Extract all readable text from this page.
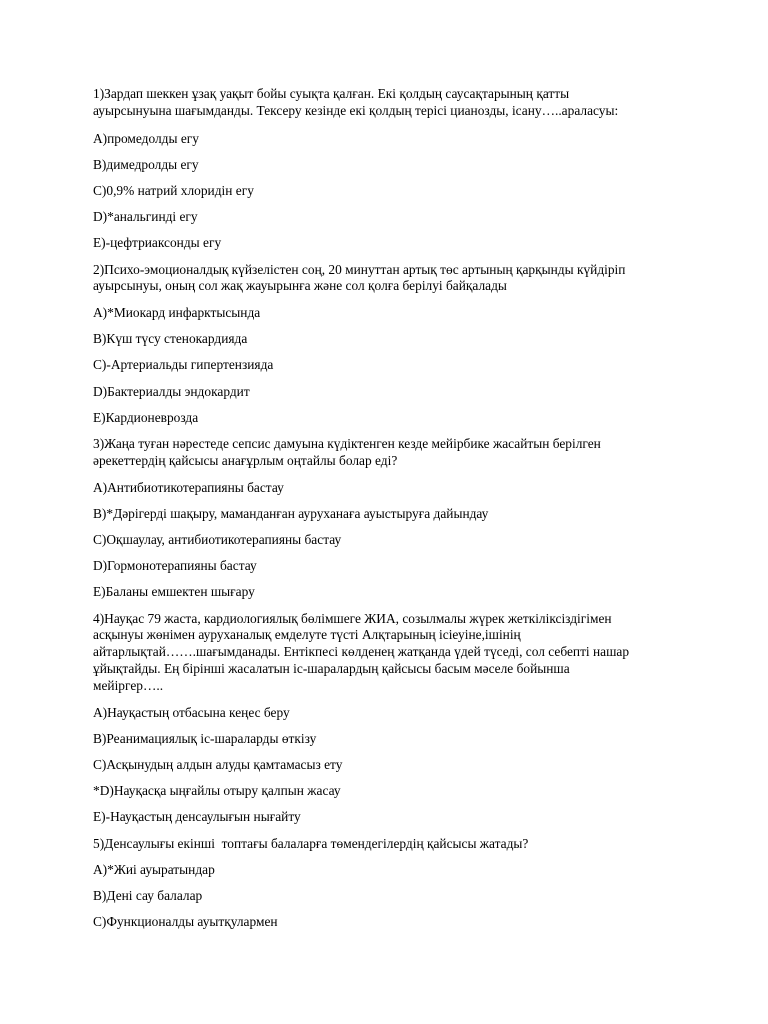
1)Зардап шеккен ұзақ уақыт бойы суықта қалған. Екі қолдың саусақтарының қатты
ауырсынуына шағымданды. Тексеру кезінде екі қолдың терісі цианозды, ісану…..араласуы:
А)промедолды егу
В)димедролды егу
С)0,9% натрий хлоридін егу
D)*анальгинді егу
Е)-цефтриаксонды егу
2)Психо-эмоционалдық күйзелістен соң, 20 минуттан артық төс артының қарқынды күйдіріп
ауырсынуы, оның сол жақ жауырынға және сол қолға берілуі байқалады
А)*Миокард инфарктысында
В)Күш түсу стенокардияда
С)-Артериальды гипертензияда
D)Бактериалды эндокардит
Е)Кардионеврозда
3)Жаңа туған нәрестеде сепсис дамуына күдіктенген кезде мейірбике жасайтын берілген
әрекеттердің қайсысы анағұрлым оңтайлы болар еді?
А)Антибиотикотерапияны бастау
В)*Дәрігерді шақыру, маманданған ауруханаға ауыстыруға дайындау
С)Оқшаулау, антибиотикотерапияны бастау
D)Гормонотерапияны бастау
Е)Баланы емшектен шығару
4)Науқас 79 жаста, кардиологиялық бөлімшеге ЖИА, созылмалы жүрек жеткіліксіздігімен
асқынуы жөнімен ауруханалық емделуте түсті Алқтарының ісіеуіне,ішінің
айтарлықтай…….шағымданады. Ентікпесі көлденең жатқанда үдей түседі, сол себепті нашар
ұйықтайды. Ең бірінші жасалатын іс-шаралардың қайсысы басым мәселе бойынша
мейіргер…..
А)Науқастың отбасына кеңес беру
В)Реанимациялық іс-шараларды өткізу
С)Асқынудың алдын алуды қамтамасыз ету
*D)Науқасқа ыңғайлы отыру қалпын жасау
Е)-Науқастың денсаулығын нығайту
5)Денсаулығы екінші  топтағы балаларға төмендегілердің қайсысы жатады?
А)*Жиі ауыратындар
В)Дені сау балалар
С)Функционалды ауытқулармен
